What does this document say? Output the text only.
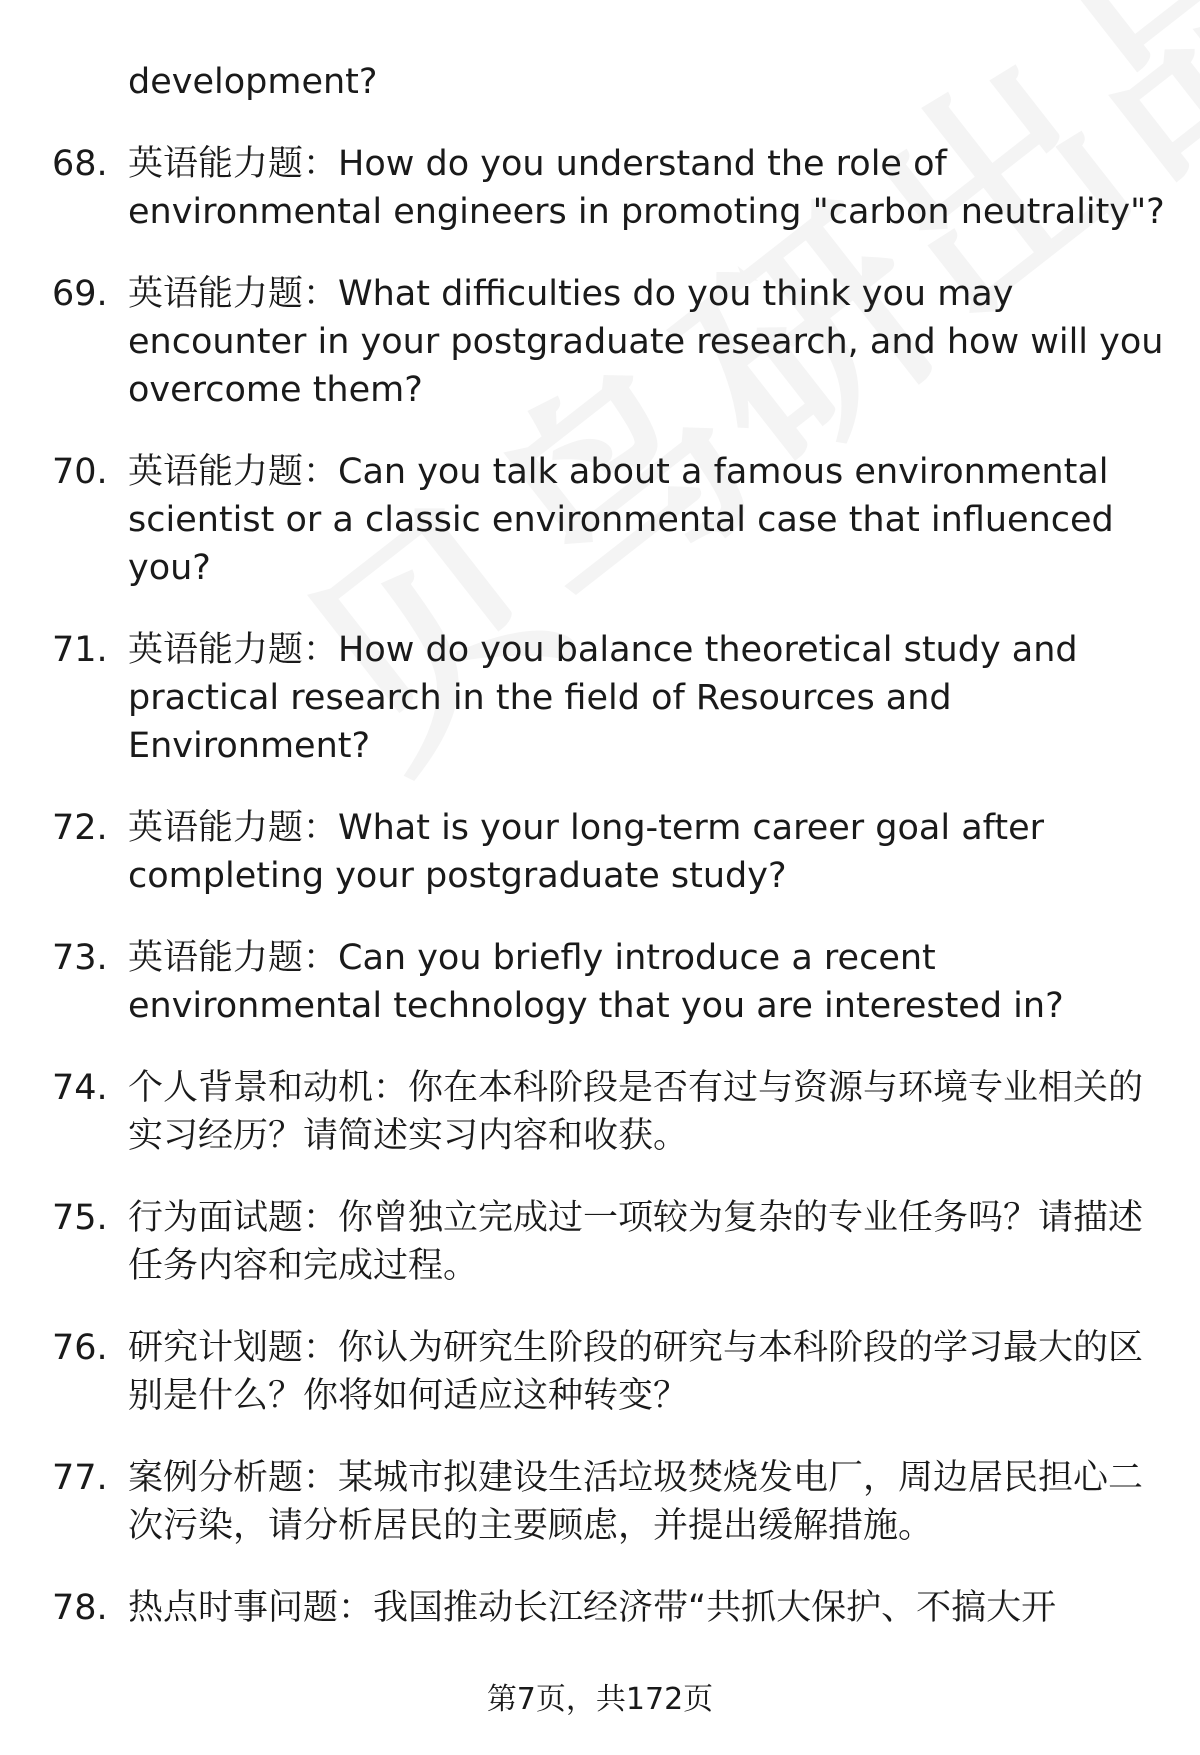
development?
68. 英语能力题：How do you understand the role of environmental engineers in promoting "carbon neutrality"?
69. 英语能力题：What difficulties do you think you may encounter in your postgraduate research, and how will you overcome them?
70. 英语能力题：Can you talk about a famous environmental scientist or a classic environmental case that influenced you?
71. 英语能力题：How do you balance theoretical study and practical research in the field of Resources and Environment?
72. 英语能力题：What is your long-term career goal after completing your postgraduate study?
73. 英语能力题：Can you briefly introduce a recent environmental technology that you are interested in?
74. 个人背景和动机：你在本科阶段是否有过与资源与环境专业相关的实习经历？请简述实习内容和收获。
75. 行为面试题：你曾独立完成过一项较为复杂的专业任务吗？请描述任务内容和完成过程。
76. 研究计划题：你认为研究生阶段的研究与本科阶段的学习最大的区别是什么？你将如何适应这种转变？
77. 案例分析题：某城市拟建设生活垃圾焚烧发电厂，周边居民担心二次污染，请分析居民的主要顾虑，并提出缓解措施。
78. 热点时事问题：我国推动长江经济带“共抓大保护、不搞大开
第7页，共172页
